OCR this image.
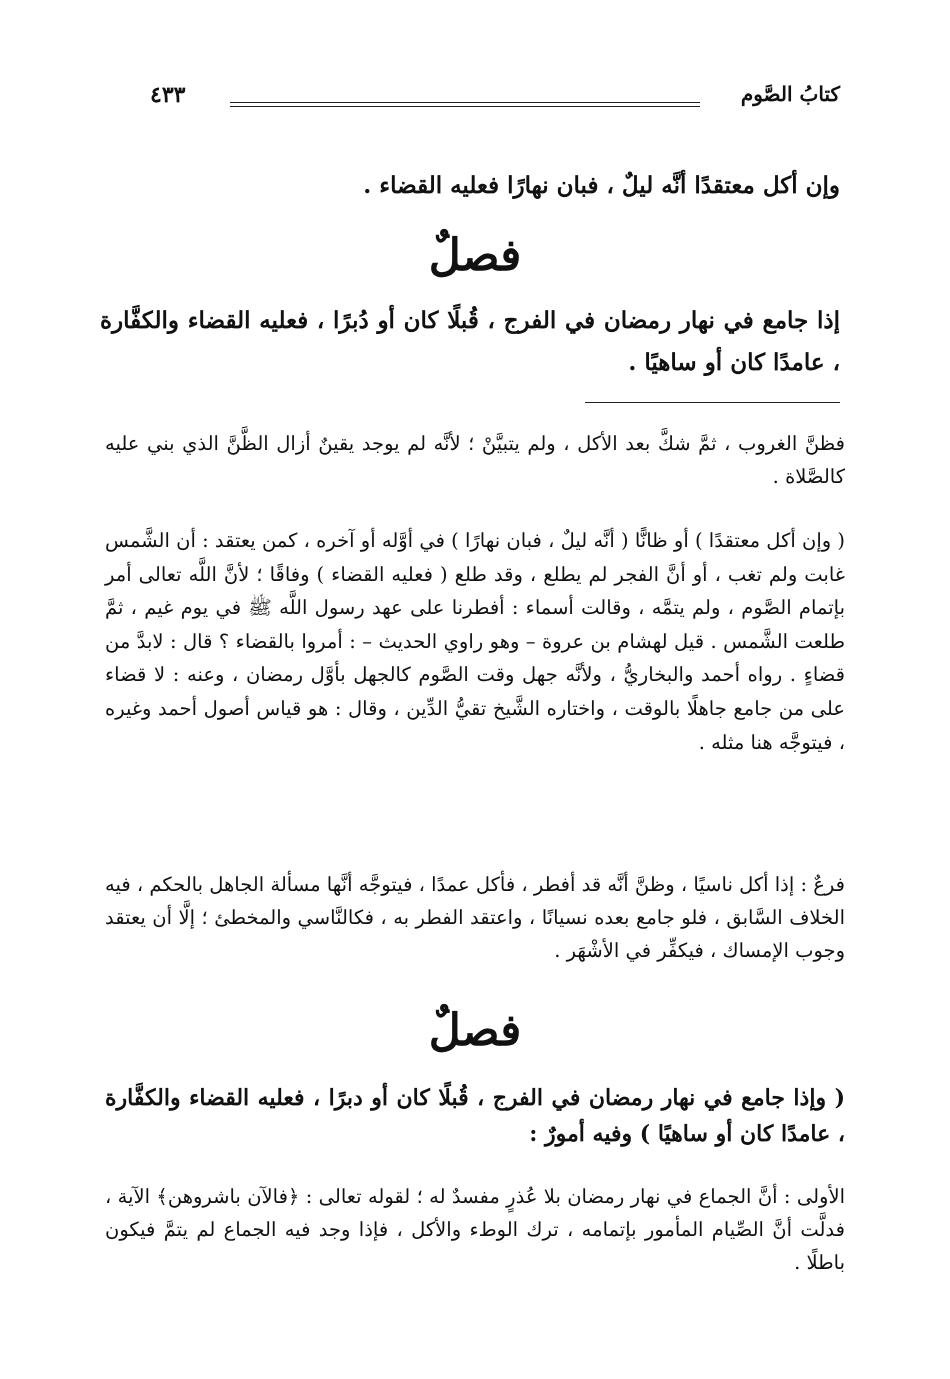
كتابُ الصَّوم
٤٣٣
وإن أكل معتقدًا أنَّه ليلٌ ، فبان نهارًا فعليه القضاء .
فصلٌ
إذا جامع في نهار رمضان في الفرج ، قُبلًا كان أو دُبرًا ، فعليه القضاء والكفَّارة ، عامدًا كان أو ساهيًا .
فظنَّ الغروب ، ثمَّ شكَّ بعد الأكل ، ولم يتبيَّنْ ؛ لأنَّه لم يوجد يقينٌ أزال الظَّنَّ الذي بني عليه كالصَّلاة .
( وإن أكل معتقدًا ) أو ظانًّا ( أنَّه ليلٌ ، فبان نهارًا ) في أوَّله أو آخره ، كمن يعتقد : أن الشَّمس غابت ولم تغب ، أو أنَّ الفجر لم يطلع ، وقد طلع ( فعليه القضاء ) وفاقًا ؛ لأنَّ اللَّه تعالى أمر بإتمام الصَّوم ، ولم يتمَّه ، وقالت أسماء : أفطرنا على عهد رسول اللَّه ﷺ في يوم غيم ، ثمَّ طلعت الشَّمس . قيل لهشام بن عروة – وهو راوي الحديث – : أمروا بالقضاء ؟ قال : لابدَّ من قضاءٍ . رواه أحمد والبخاريُّ ، ولأنَّه جهل وقت الصَّوم كالجهل بأوَّل رمضان ، وعنه : لا قضاء على من جامع جاهلًا بالوقت ، واختاره الشَّيخ تقيُّ الدِّين ، وقال : هو قياس أصول أحمد وغيره ، فيتوجَّه هنا مثله .
فرعٌ : إذا أكل ناسيًا ، وظنَّ أنَّه قد أفطر ، فأكل عمدًا ، فيتوجَّه أنَّها مسألة الجاهل بالحكم ، فيه الخلاف السَّابق ، فلو جامع بعده نسيانًا ، واعتقد الفطر به ، فكالنَّاسي والمخطئ ؛ إلَّا أن يعتقد وجوب الإمساك ، فيكفِّر في الأشْهَر .
فصلٌ
( وإذا جامع في نهار رمضان في الفرج ، قُبلًا كان أو دبرًا ، فعليه القضاء والكفَّارة ، عامدًا كان أو ساهيًا ) وفيه أمورٌ :
الأولى : أنَّ الجماع في نهار رمضان بلا عُذرٍ مفسدٌ له ؛ لقوله تعالى : ﴿فالآن باشروهن﴾ الآية ، فدلَّت أنَّ الصِّيام المأمور بإتمامه ، ترك الوطء والأكل ، فإذا وجد فيه الجماع لم يتمَّ فيكون باطلًا .
